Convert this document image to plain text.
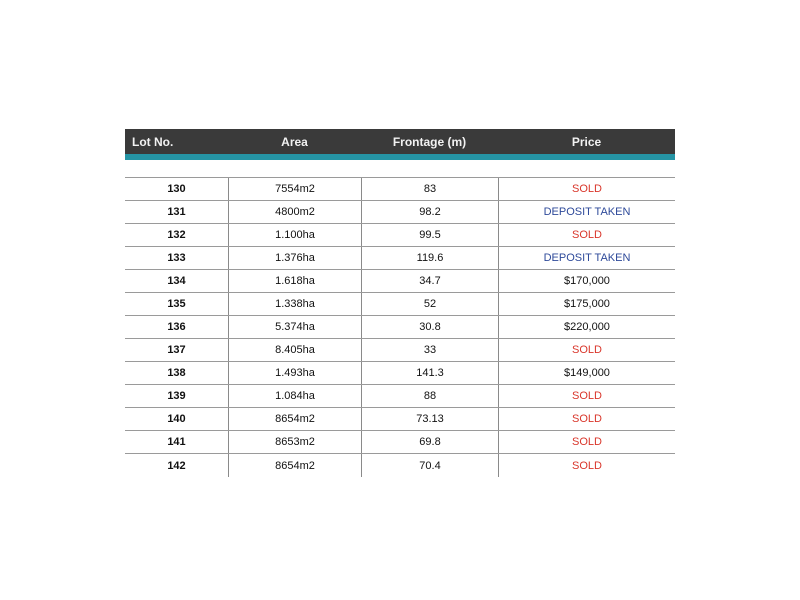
Lot No.	Area	Frontage (m)	Price
130	7554m2	83	SOLD
131	4800m2	98.2	DEPOSIT TAKEN
132	1.100ha	99.5	SOLD
133	1.376ha	119.6	DEPOSIT TAKEN
134	1.618ha	34.7	$170,000
135	1.338ha	52	$175,000
136	5.374ha	30.8	$220,000
137	8.405ha	33	SOLD
138	1.493ha	141.3	$149,000
139	1.084ha	88	SOLD
140	8654m2	73.13	SOLD
141	8653m2	69.8	SOLD
142	8654m2	70.4	SOLD
